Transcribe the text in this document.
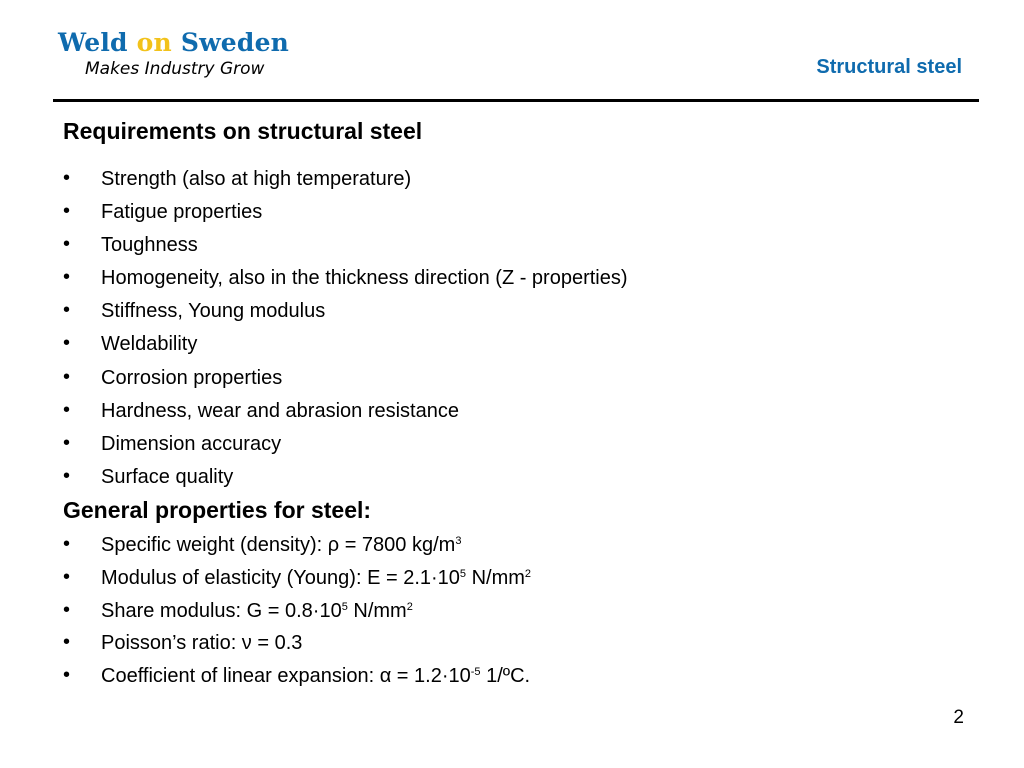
Weld on Sweden
Makes Industry Grow	Structural steel
Requirements on structural steel
• Strength (also at high temperature)
• Fatigue properties
• Toughness
• Homogeneity, also in the thickness direction (Z - properties)
• Stiffness, Young modulus
• Weldability
• Corrosion properties
• Hardness, wear and abrasion resistance
• Dimension accuracy
• Surface quality
General properties for steel:
• Specific weight (density): ρ = 7800 $kg/m^3$
• Modulus of elasticity (Young): $E = 2.1\cdot 10^5$ $N/mm^2$
• Share modulus: $G = 0.8\cdot 10^5$ $N/mm^2$
• Poisson’s ratio: ν = 0.3
• Coefficient of linear expansion: $\alpha = 1.2\cdot 10^{-5}$ 1/ºC.
2
